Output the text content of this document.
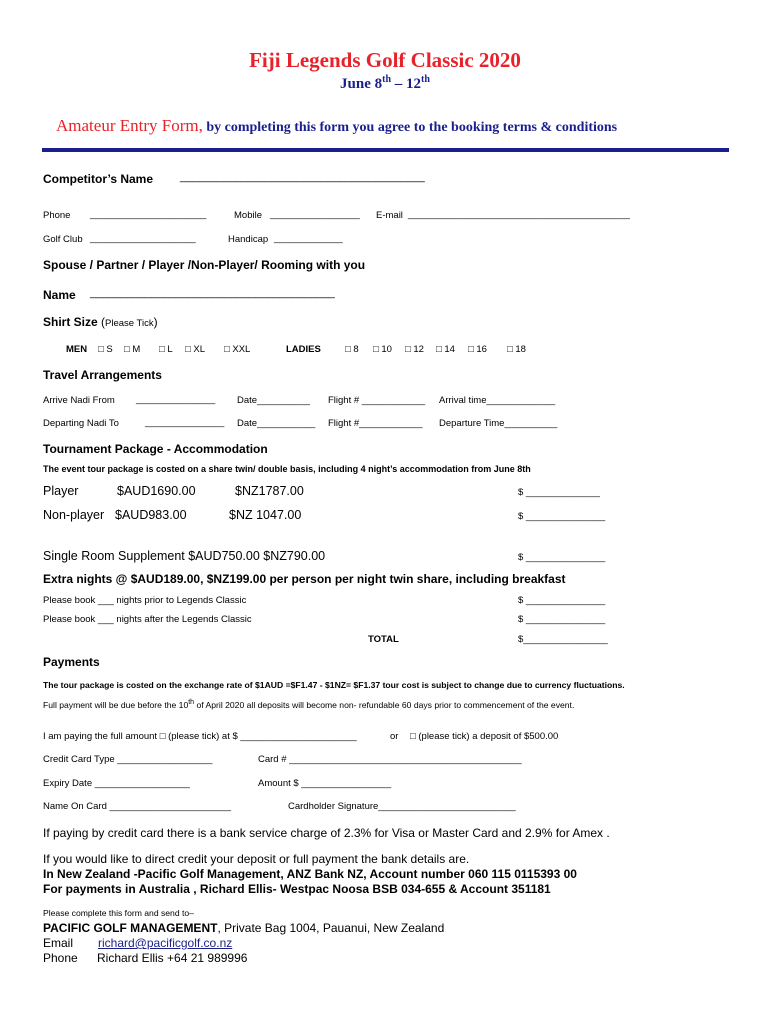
Fiji Legends Golf Classic 2020
June 8th – 12th
Amateur Entry Form, by completing this form you agree to the booking terms & conditions
Competitor’s Name ________________________________________
Phone ______________________	Mobile _________________ E-mail __________________________________________
Golf Club ____________________	Handicap _____________
Spouse / Partner / Player /Non-Player/ Rooming with you
Name ________________________________________
Shirt Size (Please Tick)
MEN □ S □ M □ L □ XL □ XXL	LADIES	□ 8 □ 10 □ 12 □ 14 □ 16 □ 18
Travel Arrangements
Arrive Nadi From _______________ Date__________ Flight # ____________ Arrival time_____________
Departing Nadi To	_______________ Date___________ Flight #____________ Departure Time__________
Tournament Package - Accommodation
The event tour package is costed on a share twin/ double basis, including 4 night’s accommodation from June 8th
Player	$AUD1690.00	$NZ1787.00	$ ______________
Non-player $AUD983.00	$NZ 1047.00	$ _______________
Single Room Supplement $AUD750.00 $NZ790.00	$ _______________
Extra nights @ $AUD189.00, $NZ199.00 per person per night twin share, including breakfast
Please book ___ nights prior to Legends Classic	$ _______________
Please book ___ nights after the Legends Classic	$ _______________
TOTAL	$________________
Payments
The tour package is costed on the exchange rate of $1AUD =$F1.47 - $1NZ= $F1.37 tour cost is subject to change due to currency fluctuations.
Full payment will be due before the 10th of April 2020 all deposits will become non- refundable 60 days prior to commencement of the event.
I am paying the full amount □ (please tick) at $ ______________________	or □ (please tick) a deposit of $500.00
Credit Card Type __________________	Card # ____________________________________________
Expiry Date __________________	Amount $ _________________
Name On Card _______________________	Cardholder Signature__________________________
If paying by credit card there is a bank service charge of 2.3% for Visa or Master Card and 2.9% for Amex .
If you would like to direct credit your deposit or full payment the bank details are.
In New Zealand -Pacific Golf Management, ANZ Bank NZ, Account number 060 115 0115393 00
For payments in Australia , Richard Ellis- Westpac Noosa BSB 034-655 & Account 351181
Please complete this form and send to–
PACIFIC GOLF MANAGEMENT, Private Bag 1004, Pauanui, New Zealand
Email richard@pacificgolf.co.nz
Phone Richard Ellis +64 21 989996
